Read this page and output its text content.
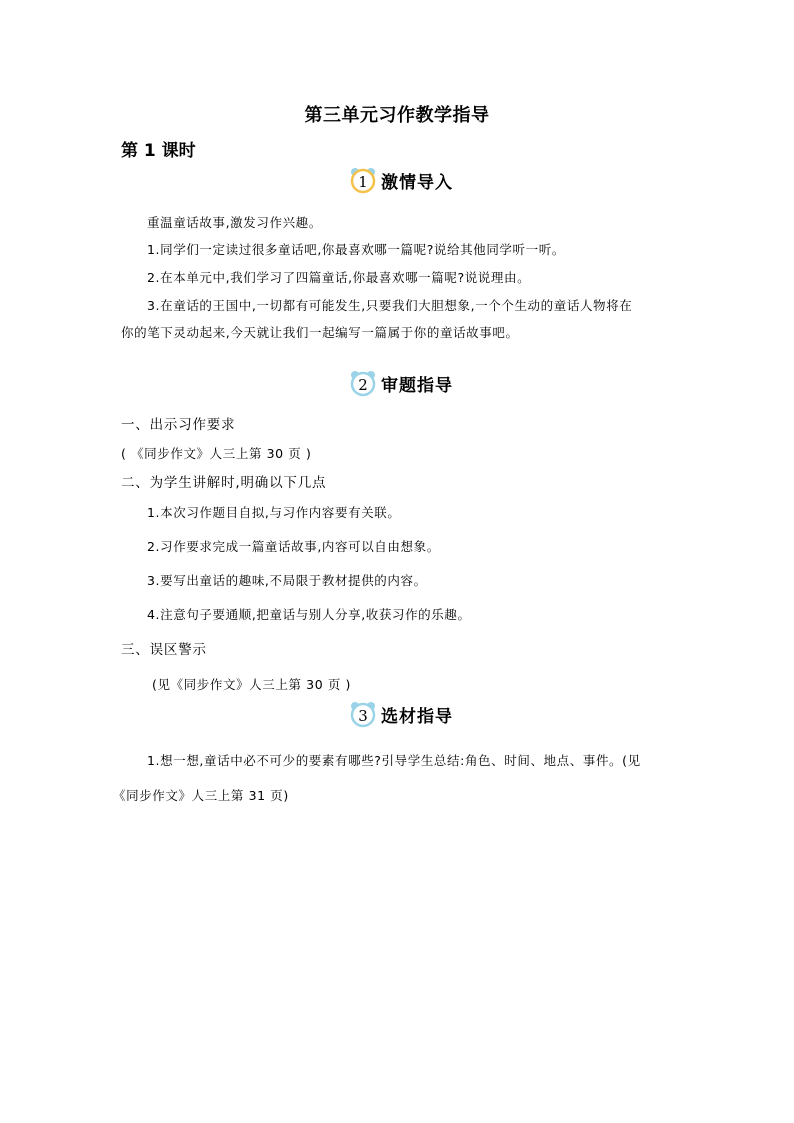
第三单元习作教学指导
第 1 课时
1 激情导入
重温童话故事,激发习作兴趣。
1.同学们一定读过很多童话吧,你最喜欢哪一篇呢?说给其他同学听一听。
2.在本单元中,我们学习了四篇童话,你最喜欢哪一篇呢?说说理由。
3.在童话的王国中,一切都有可能发生,只要我们大胆想象,一个个生动的童话人物将在
你的笔下灵动起来,今天就让我们一起编写一篇属于你的童话故事吧。
2 审题指导
一、出示习作要求
( 《同步作文》人三上第 30 页 )
二、为学生讲解时,明确以下几点
1.本次习作题目自拟,与习作内容要有关联。
2.习作要求完成一篇童话故事,内容可以自由想象。
3.要写出童话的趣味,不局限于教材提供的内容。
4.注意句子要通顺,把童话与别人分享,收获习作的乐趣。
三、误区警示
(见《同步作文》人三上第 30 页 )
3 选材指导
1.想一想,童话中必不可少的要素有哪些?引导学生总结:角色、时间、地点、事件。(见
《同步作文》人三上第 31 页)
